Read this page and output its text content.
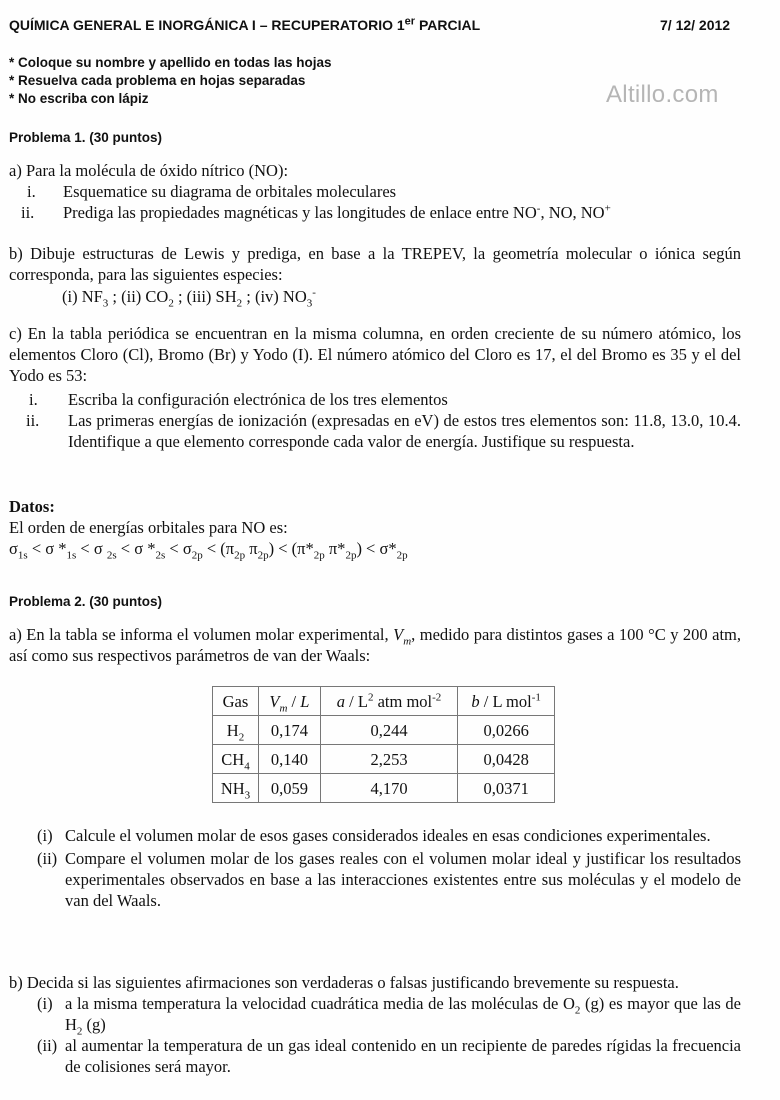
QUÍMICA GENERAL E INORGÁNICA I – RECUPERATORIO 1er PARCIAL	7/ 12/ 2012
* Coloque su nombre y apellido en todas las hojas
* Resuelva cada problema en hojas separadas
* No escriba con lápiz	Altillo.com
Problema 1. (30 puntos)
a) Para la molécula de óxido nítrico (NO):
i. Esquematice su diagrama de orbitales moleculares
ii. Prediga las propiedades magnéticas y las longitudes de enlace entre NO-, NO, NO+
b) Dibuje estructuras de Lewis y prediga, en base a la TREPEV, la geometría molecular o iónica según corresponda, para las siguientes especies:
(i) $NF_3$ ; (ii) $CO_2$ ; (iii) $SH_2$ ; (iv) $NO_3^-$
c) En la tabla periódica se encuentran en la misma columna, en orden creciente de su número atómico, los elementos Cloro (Cl), Bromo (Br) y Yodo (I). El número atómico del Cloro es 17, el del Bromo es 35 y el del Yodo es 53:
i. Escriba la configuración electrónica de los tres elementos
ii. Las primeras energías de ionización (expresadas en eV) de estos tres elementos son: 11.8, 13.0, 10.4. Identifique a que elemento corresponde cada valor de energía. Justifique su respuesta.
Datos:
El orden de energías orbitales para NO es:
$\sigma_{1s} < \sigma$ $*_{1s} < \sigma$ $_{2s}$ < σ $*_{2s} < \sigma_{2p} < (\pi_{2p}$ $\pi_{2p}) < (\pi*_{2p}$ $\pi*_{2p}) < \sigma*_{2p}$
Problema 2. (30 puntos)
a) En la tabla se informa el volumen molar experimental, $V_m$, medido para distintos gases a 100 °C y 200 atm, así como sus respectivos parámetros de van der Waals:
Gas	$V_m$ / L	a / $L^2$ atm mol$^{-2}$	b / L mol$^{-1}$
$H_2$	0,174	0,244	0,0266
$CH_4$	0,140	2,253	0,0428
$NH_3$	0,059	4,170	0,0371
(i) Calcule el volumen molar de esos gases considerados ideales en esas condiciones experimentales.
(ii) Compare el volumen molar de los gases reales con el volumen molar ideal y justificar los resultados experimentales observados en base a las interacciones existentes entre sus moléculas y el modelo de van del Waals.
b) Decida si las siguientes afirmaciones son verdaderas o falsas justificando brevemente su respuesta.
(i) a la misma temperatura la velocidad cuadrática media de las moléculas de $O_2$ (g) es mayor que las de $H_2$ (g)
(ii) al aumentar la temperatura de un gas ideal contenido en un recipiente de paredes rígidas la frecuencia de colisiones será mayor.
